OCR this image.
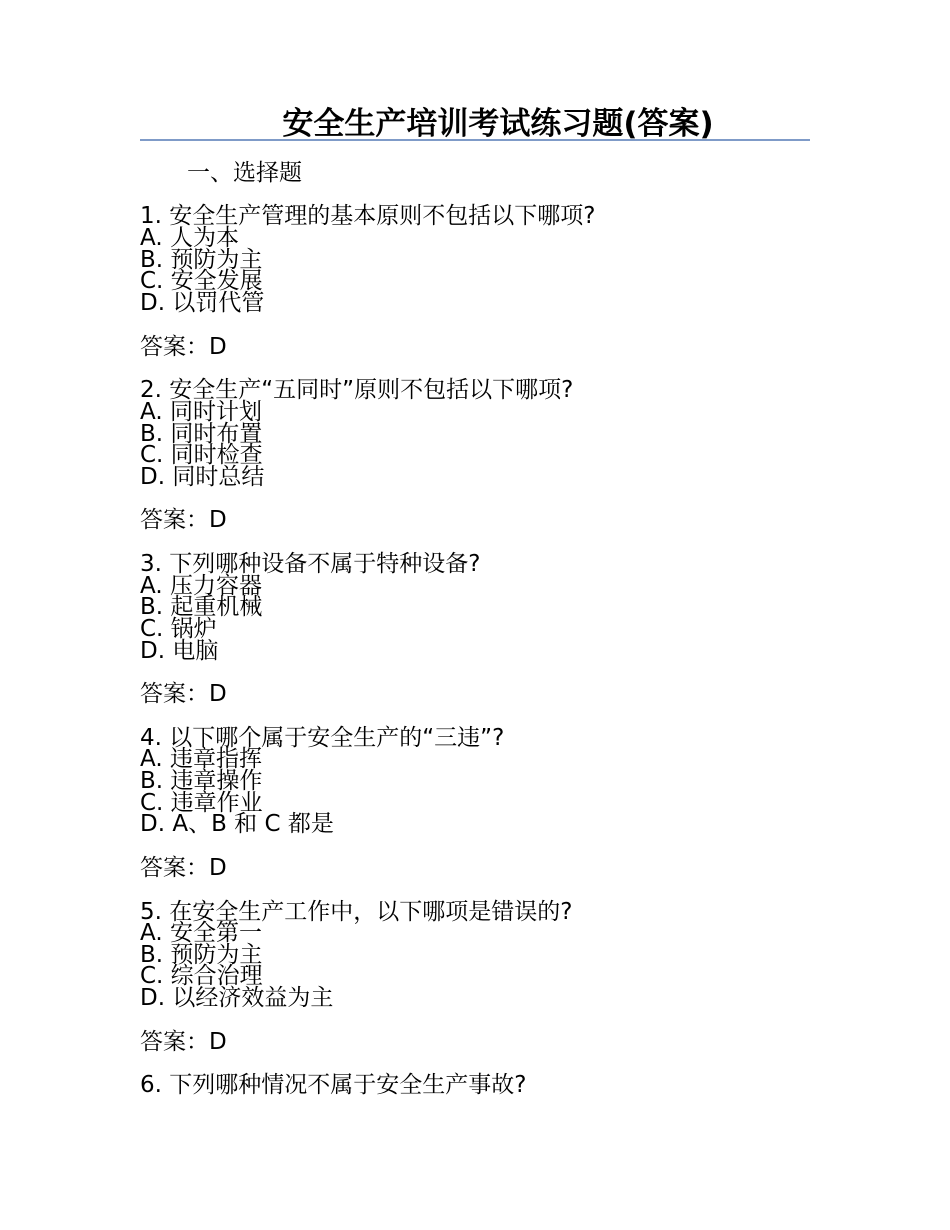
安全生产培训考试练习题(答案)
一、选择题
1. 安全生产管理的基本原则不包括以下哪项?
A. 人为本
B. 预防为主
C. 安全发展
D. 以罚代管
答案：D
2. 安全生产“五同时”原则不包括以下哪项?
A. 同时计划
B. 同时布置
C. 同时检查
D. 同时总结
答案：D
3. 下列哪种设备不属于特种设备?
A. 压力容器
B. 起重机械
C. 锅炉
D. 电脑
答案：D
4. 以下哪个属于安全生产的“三违”?
A. 违章指挥
B. 违章操作
C. 违章作业
D. A、B 和 C 都是
答案：D
5. 在安全生产工作中，以下哪项是错误的?
A. 安全第一
B. 预防为主
C. 综合治理
D. 以经济效益为主
答案：D
6. 下列哪种情况不属于安全生产事故?
